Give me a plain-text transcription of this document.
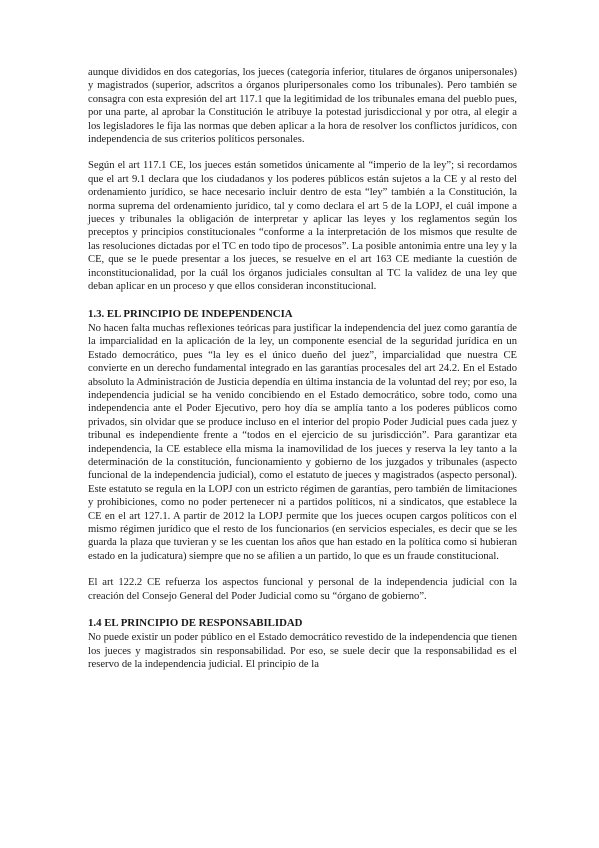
aunque divididos en dos categorías, los jueces (categoría inferior, titulares de órganos unipersonales) y magistrados (superior, adscritos a órganos pluripersonales como los tribunales). Pero también se consagra con esta expresión del art 117.1 que la legitimidad de los tribunales emana del pueblo pues, por una parte, al aprobar la Constitución le atribuye la potestad jurisdiccional y por otra, al elegir a los legisladores le fija las normas que deben aplicar a la hora de resolver los conflictos jurídicos, con independencia de sus criterios políticos personales.

Según el art 117.1 CE, los jueces están sometidos únicamente al “imperio de la ley”; si recordamos que el art 9.1 declara que los ciudadanos y los poderes públicos están sujetos a la CE y al resto del ordenamiento jurídico, se hace necesario incluir dentro de esta “ley” también a la Constitución, la norma suprema del ordenamiento jurídico, tal y como declara el art 5 de la LOPJ, el cuál impone a jueces y tribunales la obligación de interpretar y aplicar las leyes y los reglamentos según los preceptos y principios constitucionales “conforme a la interpretación de los mismos que resulte de las resoluciones dictadas por el TC en todo tipo de procesos”. La posible antonimia entre una ley y la CE, que se le puede presentar a los jueces, se resuelve en el art 163 CE mediante la cuestión de inconstitucionalidad, por la cuál los órganos judiciales consultan al TC la validez de una ley que deban aplicar en un proceso y que ellos consideran inconstitucional.

1.3. EL PRINCIPIO DE INDEPENDENCIA

No hacen falta muchas reflexiones teóricas para justificar la independencia del juez como garantía de la imparcialidad en la aplicación de la ley, un componente esencial de la seguridad jurídica en un Estado democrático, pues “la ley es el único dueño del juez”, imparcialidad que nuestra CE convierte en un derecho fundamental integrado en las garantías procesales del art 24.2. En el Estado absoluto la Administración de Justicia dependía en última instancia de la voluntad del rey; por eso, la independencia judicial se ha venido concibiendo en el Estado democrático, sobre todo, como una independencia ante el Poder Ejecutivo, pero hoy día se amplía tanto a los poderes públicos como privados, sin olvidar que se produce incluso en el interior del propio Poder Judicial pues cada juez y tribunal es independiente frente a “todos en el ejercicio de su jurisdicción”. Para garantizar eta independencia, la CE establece ella misma la inamovilidad de los jueces y reserva la ley tanto a la determinación de la constitución, funcionamiento y gobierno de los juzgados y tribunales (aspecto funcional de la independencia judicial), como el estatuto de jueces y magistrados (aspecto personal). Este estatuto se regula en la LOPJ con un estricto régimen de garantías, pero también de limitaciones y prohibiciones, como no poder pertenecer ni a partidos políticos, ni a sindicatos, que establece la CE en el art 127.1. A partir de 2012 la LOPJ permite que los jueces ocupen cargos políticos con el mismo régimen jurídico que el resto de los funcionarios (en servicios especiales, es decir que se les guarda la plaza que tuvieran y se les cuentan los años que han estado en la política como si hubieran estado en la judicatura) siempre que no se afilien a un partido, lo que es un fraude constitucional.

El art 122.2 CE refuerza los aspectos funcional y personal de la independencia judicial con la creación del Consejo General del Poder Judicial como su “órgano de gobierno”.

1.4 EL PRINCIPIO DE RESPONSABILIDAD

No puede existir un poder público en el Estado democrático revestido de la independencia que tienen los jueces y magistrados sin responsabilidad. Por eso, se suele decir que la responsabilidad es el reservo de la independencia judicial. El principio de la
